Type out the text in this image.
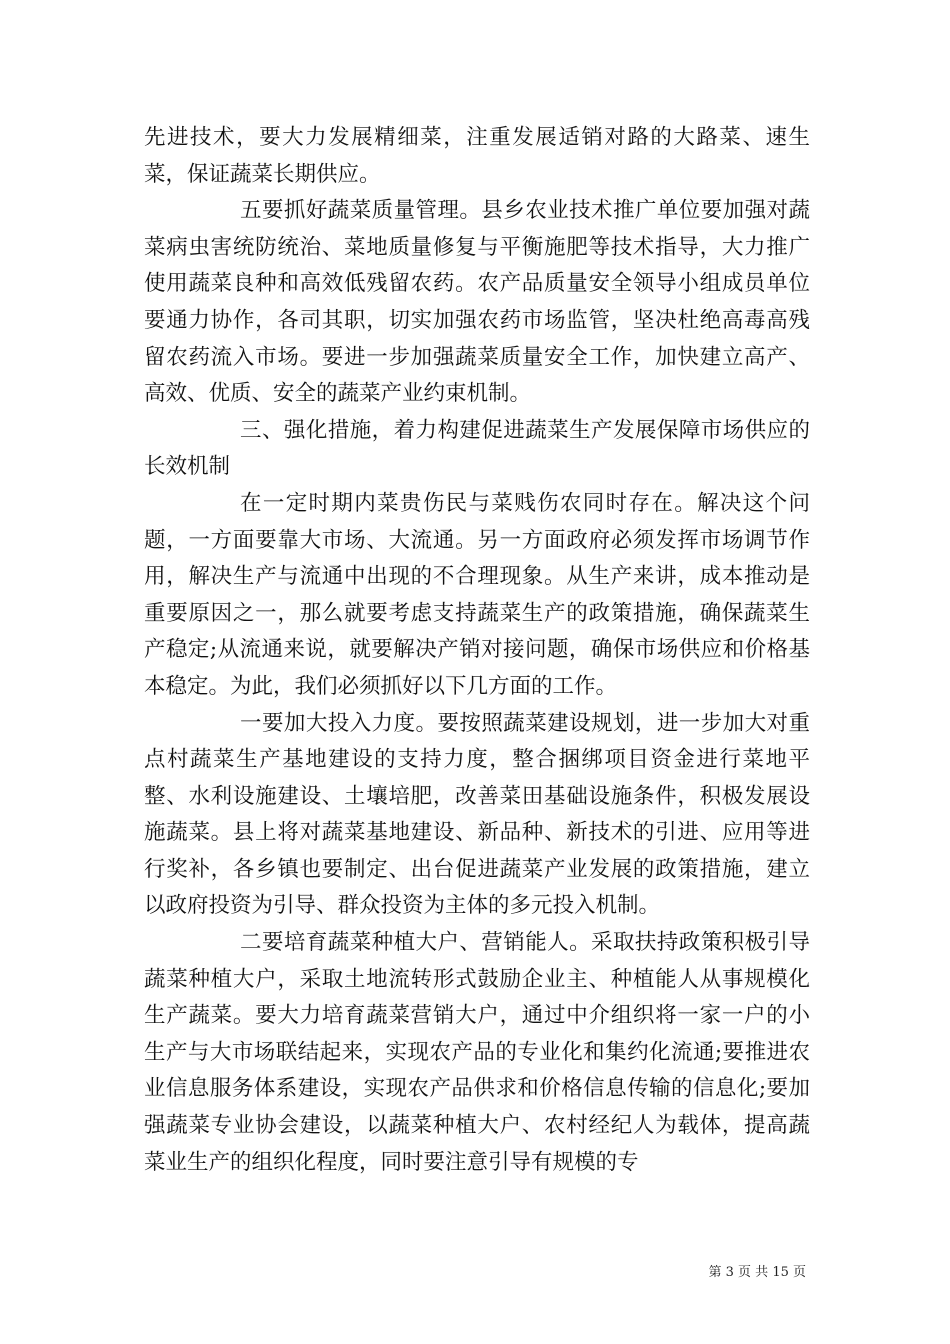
先进技术，要大力发展精细菜，注重发展适销对路的大路菜、速生菜，保证蔬菜长期供应。

五要抓好蔬菜质量管理。县乡农业技术推广单位要加强对蔬菜病虫害统防统治、菜地质量修复与平衡施肥等技术指导，大力推广使用蔬菜良种和高效低残留农药。农产品质量安全领导小组成员单位要通力协作，各司其职，切实加强农药市场监管，坚决杜绝高毒高残留农药流入市场。要进一步加强蔬菜质量安全工作，加快建立高产、高效、优质、安全的蔬菜产业约束机制。

三、强化措施，着力构建促进蔬菜生产发展保障市场供应的长效机制

在一定时期内菜贵伤民与菜贱伤农同时存在。解决这个问题，一方面要靠大市场、大流通。另一方面政府必须发挥市场调节作用，解决生产与流通中出现的不合理现象。从生产来讲，成本推动是重要原因之一，那么就要考虑支持蔬菜生产的政策措施，确保蔬菜生产稳定;从流通来说，就要解决产销对接问题，确保市场供应和价格基本稳定。为此，我们必须抓好以下几方面的工作。

一要加大投入力度。要按照蔬菜建设规划，进一步加大对重点村蔬菜生产基地建设的支持力度，整合捆绑项目资金进行菜地平整、水利设施建设、土壤培肥，改善菜田基础设施条件，积极发展设施蔬菜。县上将对蔬菜基地建设、新品种、新技术的引进、应用等进行奖补，各乡镇也要制定、出台促进蔬菜产业发展的政策措施，建立以政府投资为引导、群众投资为主体的多元投入机制。

二要培育蔬菜种植大户、营销能人。采取扶持政策积极引导蔬菜种植大户，采取土地流转形式鼓励企业主、种植能人从事规模化生产蔬菜。要大力培育蔬菜营销大户，通过中介组织将一家一户的小生产与大市场联结起来，实现农产品的专业化和集约化流通;要推进农业信息服务体系建设，实现农产品供求和价格信息传输的信息化;要加强蔬菜专业协会建设，以蔬菜种植大户、农村经纪人为载体，提高蔬菜业生产的组织化程度，同时要注意引导有规模的专

第 3 页 共 15 页
